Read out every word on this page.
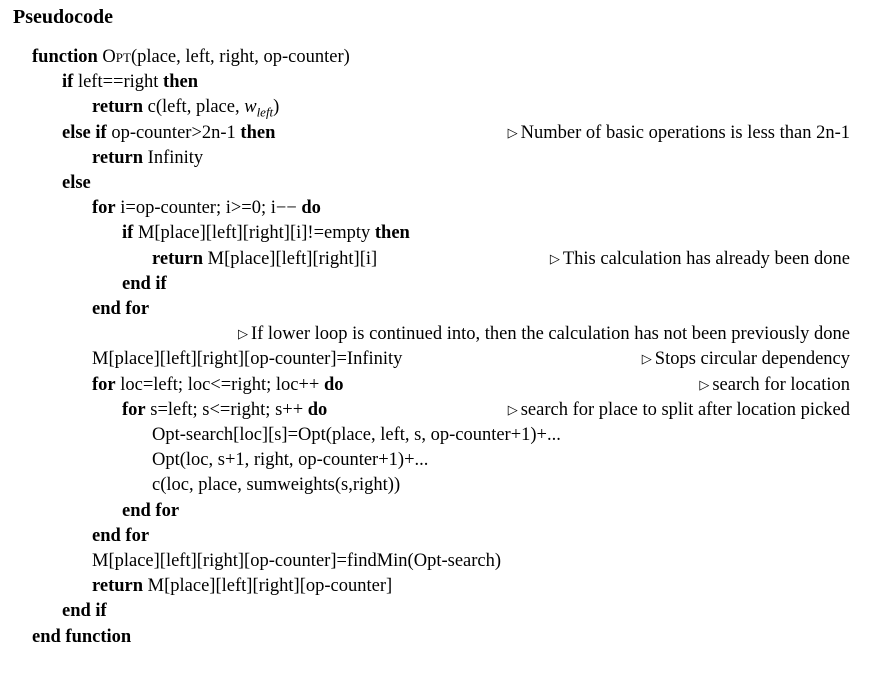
Pseudocode
function Opt(place, left, right, op-counter)
if left==right then
return c(left, place, $w_{left}$)
else if op-counter>2n-1 then	▷ Number of basic operations is less than 2n-1
return Infinity
else
for i=op-counter; i>=0; i−− do
if M[place][left][right][i]!=empty then
return M[place][left][right][i]	▷ This calculation has already been done
end if
end for
▷ If lower loop is continued into, then the calculation has not been previously done
M[place][left][right][op-counter]=Infinity	▷ Stops circular dependency
for loc=left; loc<=right; loc++ do	▷ search for location
for s=left; s<=right; s++ do	▷ search for place to split after location picked
Opt-search[loc][s]=Opt(place, left, s, op-counter+1)+...
Opt(loc, s+1, right, op-counter+1)+...
c(loc, place, sumweights(s,right))
end for
end for
M[place][left][right][op-counter]=findMin(Opt-search)
return M[place][left][right][op-counter]
end if
end function
